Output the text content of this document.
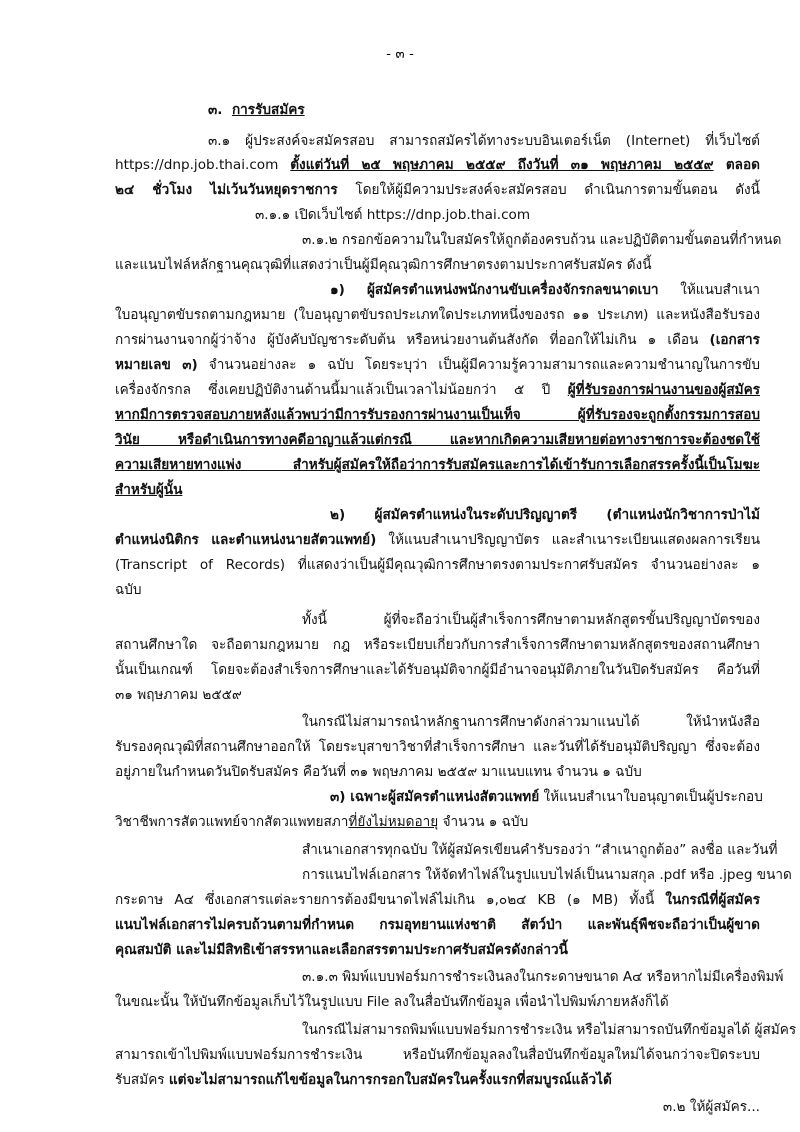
- ๓ -

๓. การรับสมัคร

๓.๑ ผู้ประสงค์จะสมัครสอบ สามารถสมัครได้ทางระบบอินเตอร์เน็ต (Internet) ที่เว็บไซต์

https://dnp.job.thai.com ตั้งแต่วันที่ ๒๕ พฤษภาคม ๒๕๕๙ ถึงวันที่ ๓๑ พฤษภาคม ๒๕๕๙ ตลอด

๒๔ ชั่วโมง ไม่เว้นวันหยุดราชการ โดยให้ผู้มีความประสงค์จะสมัครสอบ ดำเนินการตามขั้นตอน ดังนี้

๓.๑.๑ เปิดเว็บไซต์ https://dnp.job.thai.com

๓.๑.๒ กรอกข้อความในใบสมัครให้ถูกต้องครบถ้วน และปฏิบัติตามขั้นตอนที่กำหนด

และแนบไฟล์หลักฐานคุณวุฒิที่แสดงว่าเป็นผู้มีคุณวุฒิการศึกษาตรงตามประกาศรับสมัคร ดังนี้

๑) ผู้สมัครตำแหน่งพนักงานขับเครื่องจักรกลขนาดเบา ให้แนบสำเนา

ใบอนุญาตขับรถตามกฎหมาย (ใบอนุญาตขับรถประเภทใดประเภทหนึ่งของรถ ๑๑ ประเภท) และหนังสือรับรอง

การผ่านงานจากผู้ว่าจ้าง ผู้บังคับบัญชาระดับต้น หรือหน่วยงานต้นสังกัด ที่ออกให้ไม่เกิน ๑ เดือน (เอกสาร

หมายเลข ๓) จำนวนอย่างละ ๑ ฉบับ โดยระบุว่า เป็นผู้มีความรู้ความสามารถและความชำนาญในการขับ

เครื่องจักรกล ซึ่งเคยปฏิบัติงานด้านนี้มาแล้วเป็นเวลาไม่น้อยกว่า ๕ ปี ผู้ที่รับรองการผ่านงานของผู้สมัคร

หากมีการตรวจสอบภายหลังแล้วพบว่ามีการรับรองการผ่านงานเป็นเท็จ ผู้ที่รับรองจะถูกตั้งกรรมการสอบ

วินัย หรือดำเนินการทางคดีอาญาแล้วแต่กรณี และหากเกิดความเสียหายต่อทางราชการจะต้องชดใช้

ความเสียหายทางแพ่ง สำหรับผู้สมัครให้ถือว่าการรับสมัครและการได้เข้ารับการเลือกสรรครั้งนี้เป็นโมฆะ

สำหรับผู้นั้น

๒) ผู้สมัครตำแหน่งในระดับปริญญาตรี (ตำแหน่งนักวิชาการป่าไม้

ตำแหน่งนิติกร และตำแหน่งนายสัตวแพทย์) ให้แนบสำเนาปริญญาบัตร และสำเนาระเบียนแสดงผลการเรียน

(Transcript of Records) ที่แสดงว่าเป็นผู้มีคุณวุฒิการศึกษาตรงตามประกาศรับสมัคร จำนวนอย่างละ ๑

ฉบับ

ทั้งนี้ ผู้ที่จะถือว่าเป็นผู้สำเร็จการศึกษาตามหลักสูตรขั้นปริญญาบัตรของ

สถานศึกษาใด จะถือตามกฎหมาย กฎ หรือระเบียบเกี่ยวกับการสำเร็จการศึกษาตามหลักสูตรของสถานศึกษา

นั้นเป็นเกณฑ์ โดยจะต้องสำเร็จการศึกษาและได้รับอนุมัติจากผู้มีอำนาจอนุมัติภายในวันปิดรับสมัคร คือวันที่

๓๑ พฤษภาคม ๒๕๕๙

ในกรณีไม่สามารถนำหลักฐานการศึกษาดังกล่าวมาแนบได้ ให้นำหนังสือ

รับรองคุณวุฒิที่สถานศึกษาออกให้ โดยระบุสาขาวิชาที่สำเร็จการศึกษา และวันที่ได้รับอนุมัติปริญญา ซึ่งจะต้อง

อยู่ภายในกำหนดวันปิดรับสมัคร คือวันที่ ๓๑ พฤษภาคม ๒๕๕๙ มาแนบแทน จำนวน ๑ ฉบับ

๓) เฉพาะผู้สมัครตำแหน่งสัตวแพทย์ ให้แนบสำเนาใบอนุญาตเป็นผู้ประกอบ

วิชาชีพการสัตวแพทย์จากสัตวแพทยสภาที่ยังไม่หมดอายุ จำนวน ๑ ฉบับ

สำเนาเอกสารทุกฉบับ ให้ผู้สมัครเขียนคำรับรองว่า “สำเนาถูกต้อง” ลงชื่อ และวันที่

การแนบไฟล์เอกสาร ให้จัดทำไฟล์ในรูปแบบไฟล์เป็นนามสกุล .pdf หรือ .jpeg ขนาด

กระดาษ A๔ ซึ่งเอกสารแต่ละรายการต้องมีขนาดไฟล์ไม่เกิน ๑,๐๒๔ KB (๑ MB) ทั้งนี้ ในกรณีที่ผู้สมัคร

แนบไฟล์เอกสารไม่ครบถ้วนตามที่กำหนด กรมอุทยานแห่งชาติ สัตว์ป่า และพันธุ์พืชจะถือว่าเป็นผู้ขาด

คุณสมบัติ และไม่มีสิทธิเข้าสรรหาและเลือกสรรตามประกาศรับสมัครดังกล่าวนี้

๓.๑.๓ พิมพ์แบบฟอร์มการชำระเงินลงในกระดาษขนาด A๔ หรือหากไม่มีเครื่องพิมพ์

ในขณะนั้น ให้บันทึกข้อมูลเก็บไว้ในรูปแบบ File ลงในสื่อบันทึกข้อมูล เพื่อนำไปพิมพ์ภายหลังก็ได้

ในกรณีไม่สามารถพิมพ์แบบฟอร์มการชำระเงิน หรือไม่สามารถบันทึกข้อมูลได้ ผู้สมัคร

สามารถเข้าไปพิมพ์แบบฟอร์มการชำระเงิน หรือบันทึกข้อมูลลงในสื่อบันทึกข้อมูลใหม่ได้จนกว่าจะปิดระบบ

รับสมัคร แต่จะไม่สามารถแก้ไขข้อมูลในการกรอกใบสมัครในครั้งแรกที่สมบูรณ์แล้วได้

๓.๒ ให้ผู้สมัคร...
